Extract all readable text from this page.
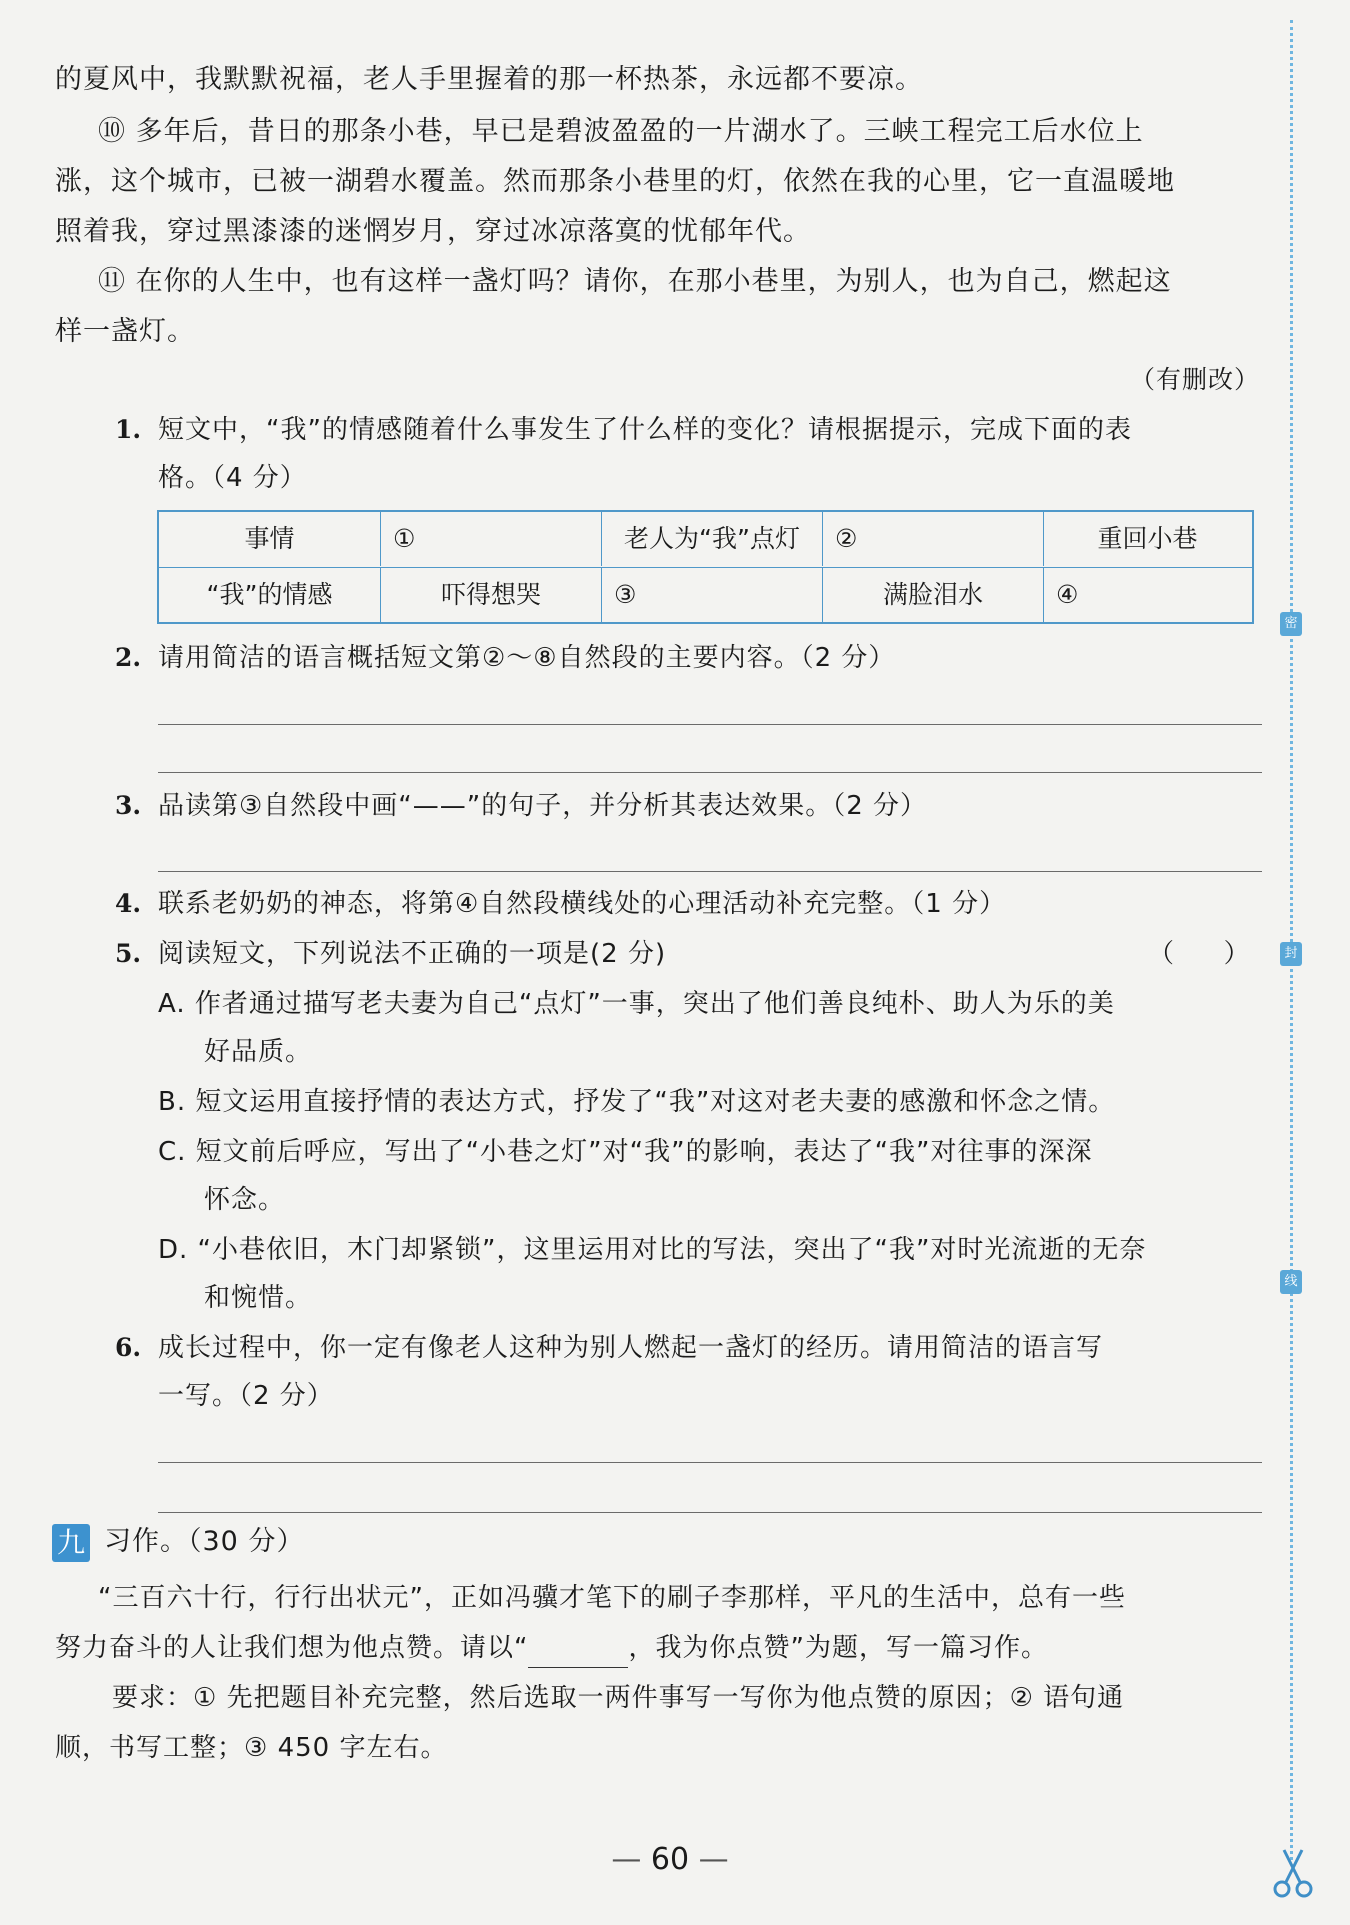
的夏风中，我默默祝福，老人手里握着的那一杯热茶，永远都不要凉。
⑩ 多年后，昔日的那条小巷，早已是碧波盈盈的一片湖水了。三峡工程完工后水位上
涨，这个城市，已被一湖碧水覆盖。然而那条小巷里的灯，依然在我的心里，它一直温暖地
照着我，穿过黑漆漆的迷惘岁月，穿过冰凉落寞的忧郁年代。
⑪ 在你的人生中，也有这样一盏灯吗？请你，在那小巷里，为别人，也为自己，燃起这
样一盏灯。
（有删改）
1. 短文中，“我”的情感随着什么事发生了什么样的变化？请根据提示，完成下面的表
格。（4 分）
事情	①	老人为“我”点灯	②	重回小巷
“我”的情感	吓得想哭	③	满脸泪水	④
2. 请用简洁的语言概括短文第②～⑧自然段的主要内容。（2 分）
3. 品读第③自然段中画“——”的句子，并分析其表达效果。（2 分）
4. 联系老奶奶的神态，将第④自然段横线处的心理活动补充完整。（1 分）
5. 阅读短文，下列说法不正确的一项是(2 分)	（      ）
A. 作者通过描写老夫妻为自己“点灯”一事，突出了他们善良纯朴、助人为乐的美
好品质。
B. 短文运用直接抒情的表达方式，抒发了“我”对这对老夫妻的感激和怀念之情。
C. 短文前后呼应，写出了“小巷之灯”对“我”的影响，表达了“我”对往事的深深
怀念。
D. “小巷依旧，木门却紧锁”，这里运用对比的写法，突出了“我”对时光流逝的无奈
和惋惜。
6. 成长过程中，你一定有像老人这种为别人燃起一盏灯的经历。请用简洁的语言写
一写。（2 分）
九 习作。（30 分）
“三百六十行，行行出状元”，正如冯骥才笔下的刷子李那样，平凡的生活中，总有一些
努力奋斗的人让我们想为他点赞。请以“	，我为你点赞”为题，写一篇习作。
要求：① 先把题目补充完整，然后选取一两件事写一写你为他点赞的原因；② 语句通
顺，书写工整；③ 450 字左右。
— 60 —
密
封
线
